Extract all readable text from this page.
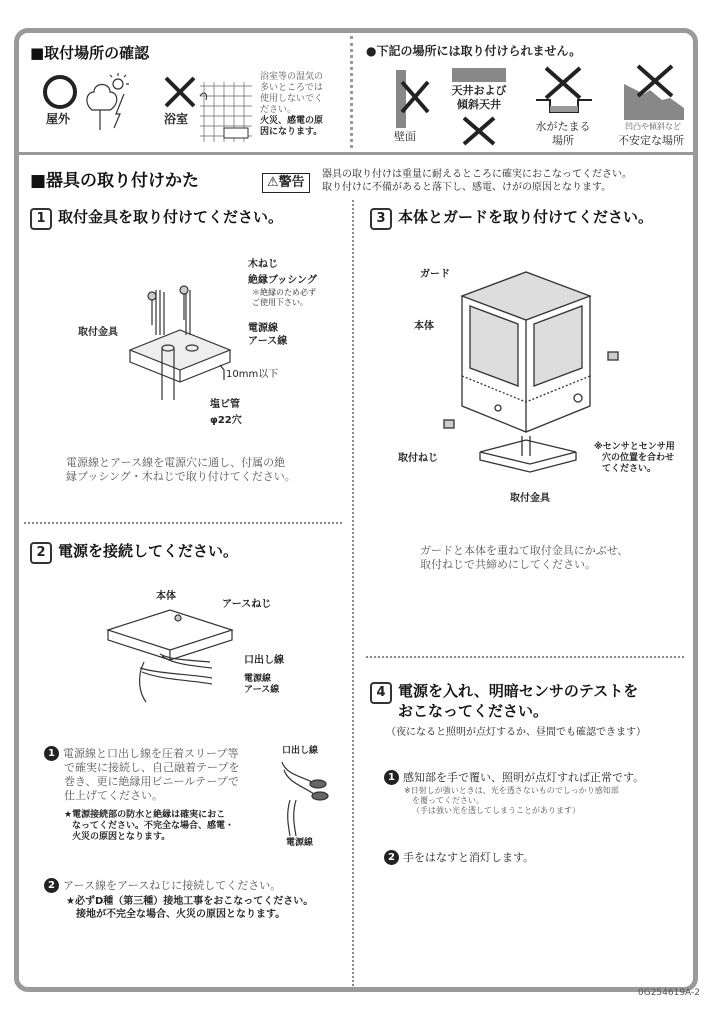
■取付場所の確認
屋外	浴室
浴室等の湿気の
多いところでは
使用しないでく
ださい。
火災、感電の原
因になります。
●下記の場所には取り付けられません。
壁面
天井および
傾斜天井
水がたまる
場所
凹凸や傾斜など
不安定な場所
■器具の取り付けかた	⚠警告
器具の取り付けは重量に耐えるところに確実におこなってください。
取り付けに不備があると落下し、感電、けがの原因となります。
1 取付金具を取り付けてください。
木ねじ
絶縁ブッシング
＊絶縁のため必ず
ご使用下さい。
取付金具	電源線
アース線
10mm以下
塩ビ管
φ22穴
電源線とアース線を電源穴に通し、付属の絶
縁ブッシング・木ねじで取り付けてください。
2 電源を接続してください。
本体
アースねじ
口出し線
電源線
アース線
1 電源線と口出し線を圧着スリーブ等
で確実に接続し、自己融着テープを
巻き、更に絶縁用ビニールテープで
仕上げてください。
★電源接続部の防水と絶縁は確実におこ
なってください。不完全な場合、感電・
火災の原因となります。
口出し線
電源線
2 アース線をアースねじに接続してください。
★必ずD種（第三種）接地工事をおこなってください。
接地が不完全な場合、火災の原因となります。
3 本体とガードを取り付けてください。
ガード
本体
取付ねじ
※センサとセンサ用
穴の位置を合わせ
てください。
取付金具
ガードと本体を重ねて取付金具にかぶせ、
取付ねじで共締めにしてください。
4 電源を入れ、明暗センサのテストを
おこなってください。
（夜になると照明が点灯するか、昼間でも確認できます）
1 感知部を手で覆い、照明が点灯すれば正常です。
※日射しが強いときは、光を透さないものでしっかり感知部
を覆ってください。
（手は強い光を透してしまうことがあります）
2 手をはなすと消灯します。
0G254619A-2
